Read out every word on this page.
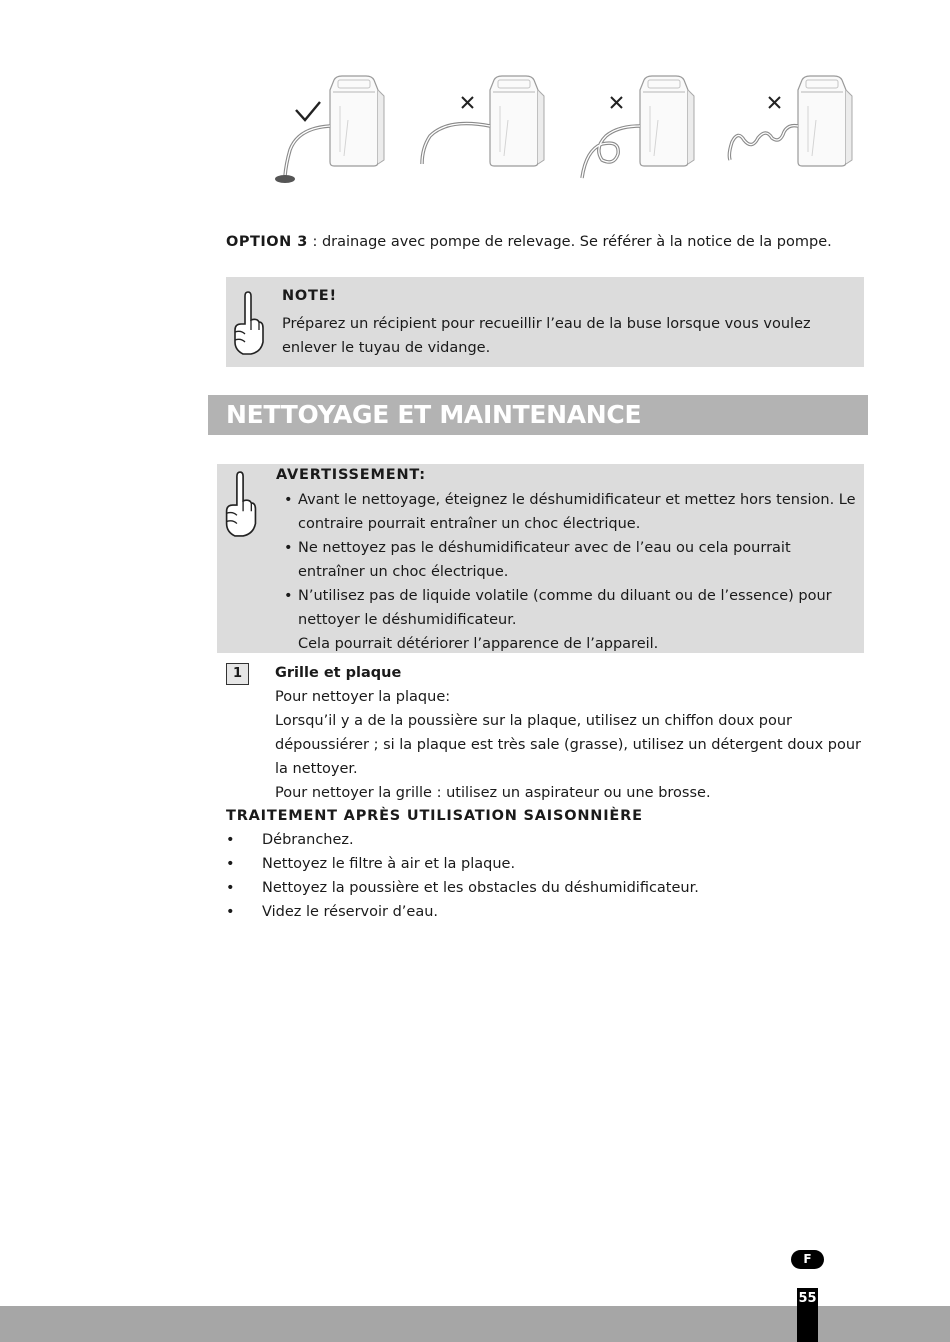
OPTION 3 : drainage avec pompe de relevage. Se référer à la notice de la pompe.
NOTE!
Préparez un récipient pour recueillir l’eau de la buse lorsque vous voulez enlever le tuyau de vidange.
NETTOYAGE ET MAINTENANCE
AVERTISSEMENT:
• Avant le nettoyage, éteignez le déshumidificateur et mettez hors tension. Le contraire pourrait entraîner un choc électrique.
• Ne nettoyez pas le déshumidificateur avec de l’eau ou cela pourrait entraîner un choc électrique.
• N’utilisez pas de liquide volatile (comme du diluant ou de l’essence) pour nettoyer le déshumidificateur.
Cela pourrait détériorer l’apparence de l’appareil.
1	Grille et plaque
Pour nettoyer la plaque:
Lorsqu’il y a de la poussière sur la plaque, utilisez un chiffon doux pour dépoussiérer ; si la plaque est très sale (grasse), utilisez un détergent doux pour la nettoyer.
Pour nettoyer la grille : utilisez un aspirateur ou une brosse.
TRAITEMENT APRÈS UTILISATION SAISONNIÈRE
• Débranchez.
• Nettoyez le filtre à air et la plaque.
• Nettoyez la poussière et les obstacles du déshumidificateur.
• Videz le réservoir d’eau.
F
55
